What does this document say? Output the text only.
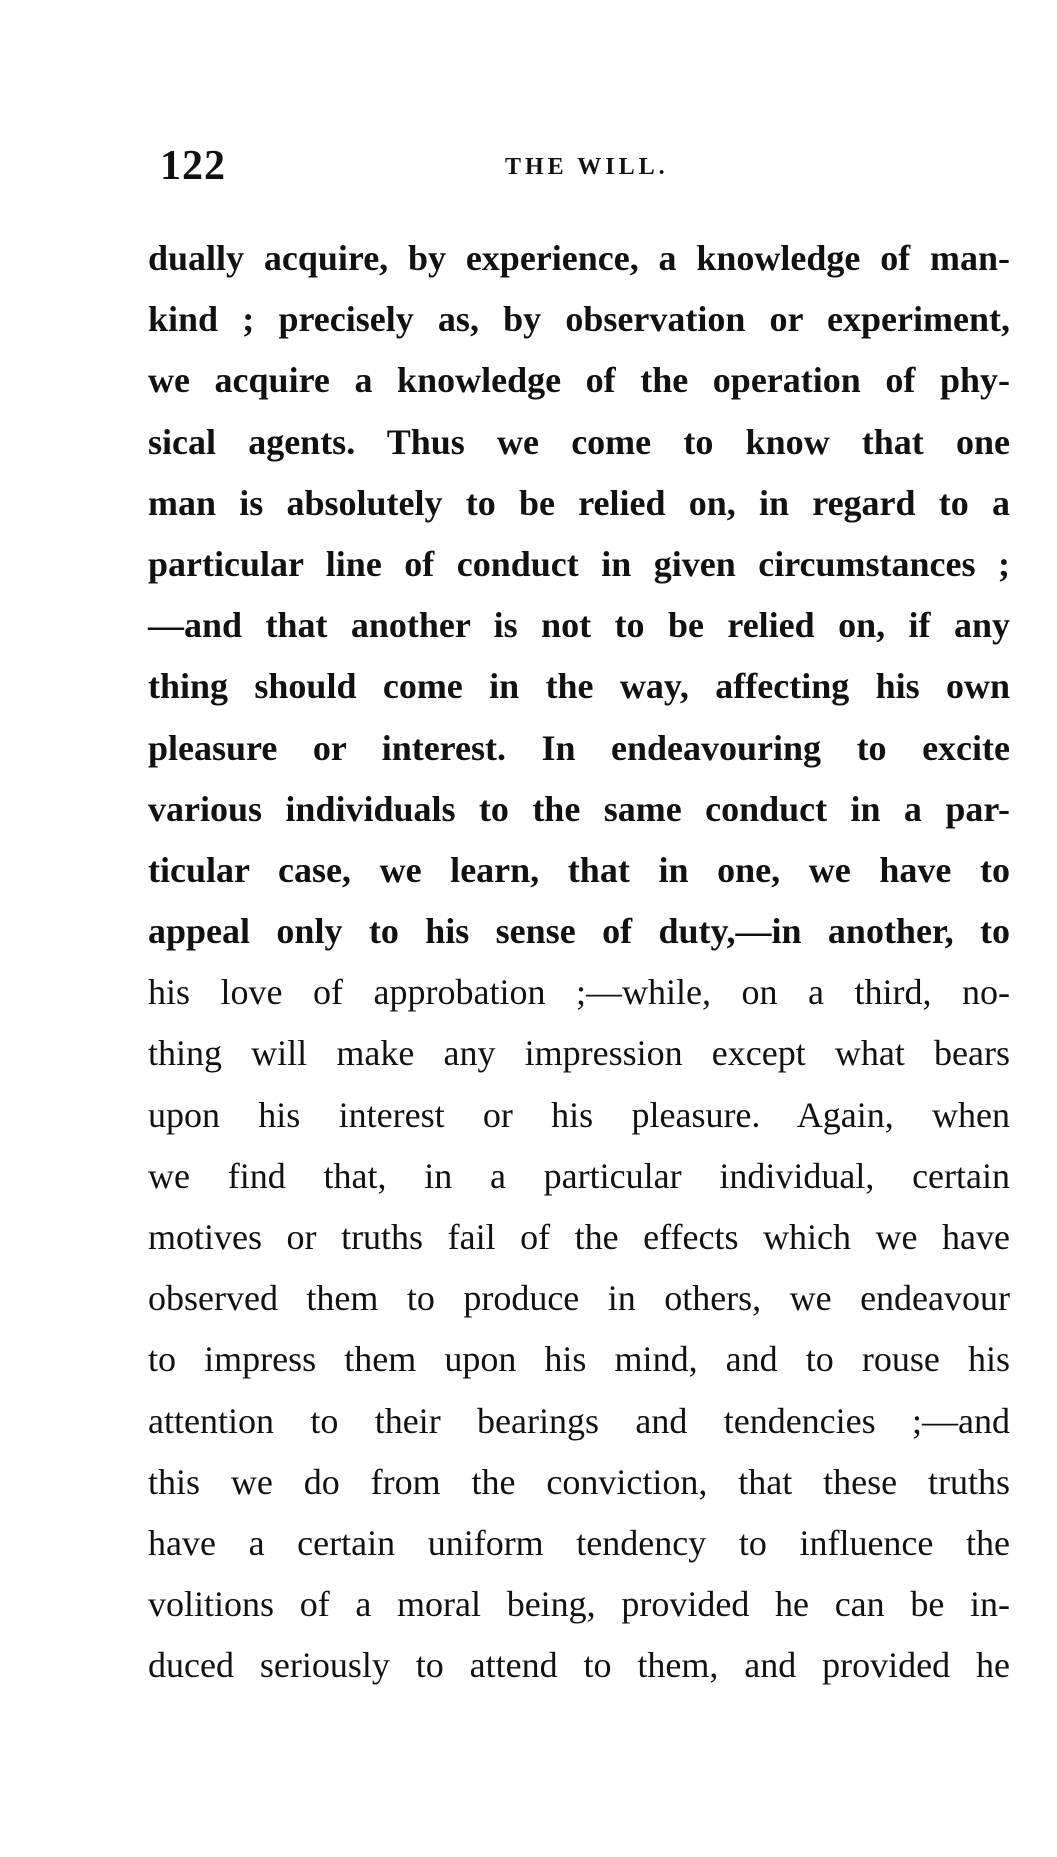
122	THE WILL.
dually acquire, by experience, a knowledge of man-
kind ; precisely as, by observation or experiment,
we acquire a knowledge of the operation of phy-
sical agents. Thus we come to know that one
man is absolutely to be relied on, in regard to a
particular line of conduct in given circumstances ;
—and that another is not to be relied on, if any
thing should come in the way, affecting his own
pleasure or interest. In endeavouring to excite
various individuals to the same conduct in a par-
ticular case, we learn, that in one, we have to
appeal only to his sense of duty,—in another, to
his love of approbation ;—while, on a third, no-
thing will make any impression except what bears
upon his interest or his pleasure. Again, when
we find that, in a particular individual, certain
motives or truths fail of the effects which we have
observed them to produce in others, we endeavour
to impress them upon his mind, and to rouse his
attention to their bearings and tendencies ;—and
this we do from the conviction, that these truths
have a certain uniform tendency to influence the
volitions of a moral being, provided he can be in-
duced seriously to attend to them, and provided he
